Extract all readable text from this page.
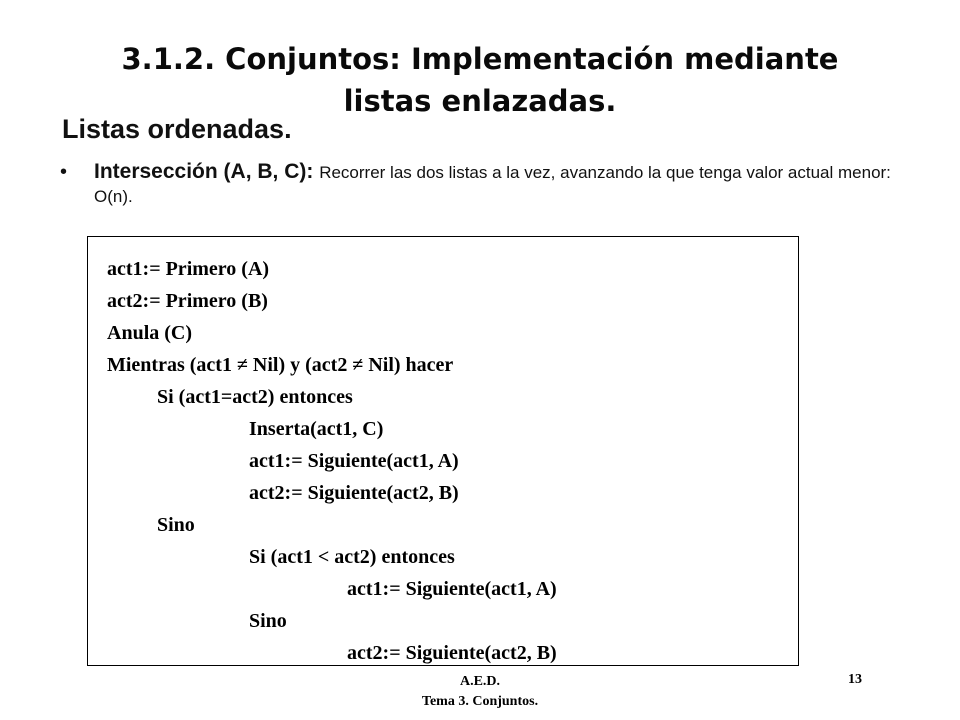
3.1.2. Conjuntos: Implementación mediante listas enlazadas.
Listas ordenadas.
• Intersección (A, B, C): Recorrer las dos listas a la vez, avanzando la que tenga valor actual menor: O(n).
act1:= Primero (A)
act2:= Primero (B)
Anula (C)
Mientras (act1 ≠ Nil) y (act2 ≠ Nil) hacer
Si (act1=act2) entonces
Inserta(act1, C)
act1:= Siguiente(act1, A)
act2:= Siguiente(act2, B)
Sino
Si (act1 < act2) entonces
act1:= Siguiente(act1, A)
Sino
act2:= Siguiente(act2, B)
A.E.D.
Tema 3. Conjuntos.
13
